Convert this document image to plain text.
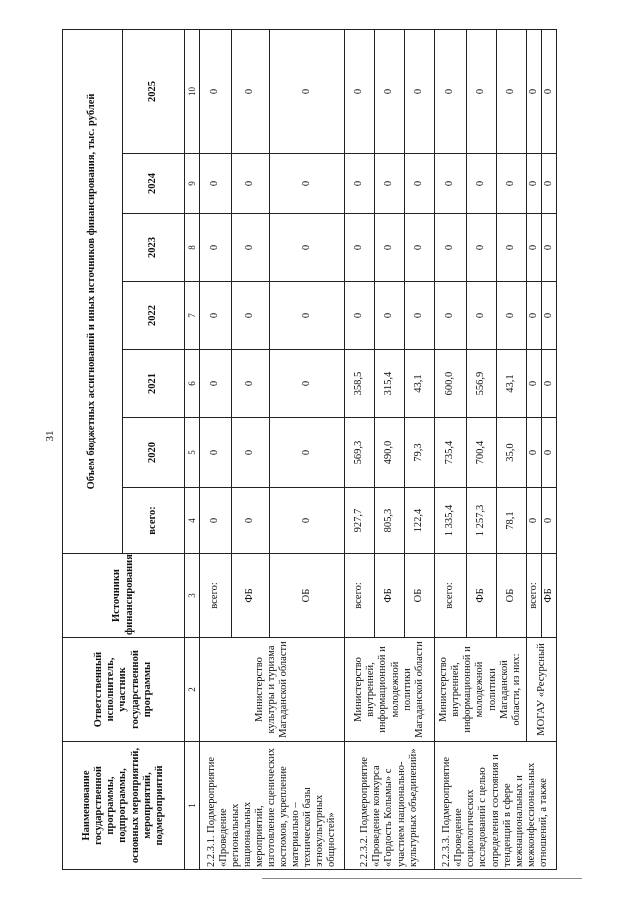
31
Наименование государственной программы, подпрограммы, основных мероприятий, мероприятий, подмероприятий	Ответственный исполнитель, участник государственной программы	Источники финансирования	Объем бюджетных ассигнований и иных источников финансирования, тыс. рублей						
			всего:	2020	2021	2022	2023	2024	2025
1	2	3	4	5	6	7	8	9	10
2.2.3.1. Подмероприятие «Проведение региональных национальных мероприятий, изготовление сценических костюмов, укрепление материально – технической базы этнокультурных общностей»	Министерство культуры и туризма Магаданской области	всего:	0	0	0	0	0	0	0
		ФБ	0	0	0	0	0	0	0
		ОБ	0	0	0	0	0	0	0
2.2.3.2. Подмероприятие «Проведение конкурса «Гордость Колымы» с участием национально-культурных объединений»	Министерство внутренней, информационной и молодежной политики Магаданской области	всего:	927,7	569,3	358,5	0	0	0	0
		ФБ	805,3	490,0	315,4	0	0	0	0
		ОБ	122,4	79,3	43,1	0	0	0	0
2.2.3.3. Подмероприятие «Проведение социологических исследований с целью определения состояния и тенденций в сфере межнациональных и межконфессиональных отношений, а также	Министерство внутренней, информационной и молодежной политики Магаданской области, из них:	всего:	1 335,4	735,4	600,0	0	0	0	0
		ФБ	1 257,3	700,4	556,9	0	0	0	0
		ОБ	78,1	35,0	43,1	0	0	0	0
	МОГАУ «Ресурсный	всего:	0	0	0	0	0	0	0
		ФБ	0	0	0	0	0	0	0
